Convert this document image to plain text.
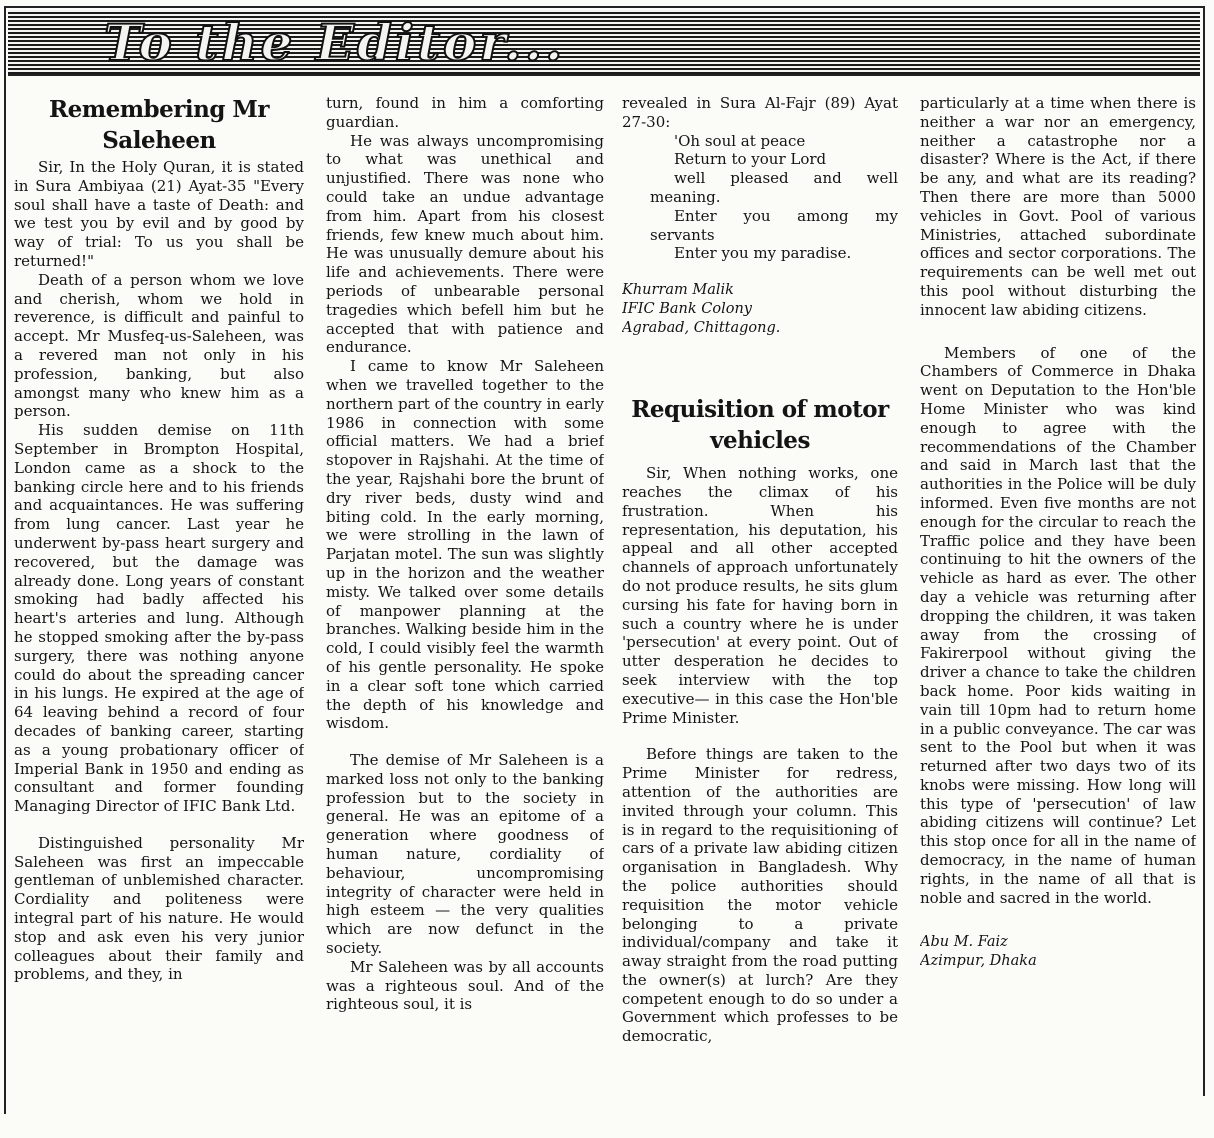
To the Editor...
Remembering Mr Saleheen

Sir, In the Holy Quran, it is stated in Sura Ambiyaa (21) Ayat-35 "Every soul shall have a taste of Death: and we test you by evil and by good by way of trial: To us you shall be returned!"

Death of a person whom we love and cherish, whom we hold in reverence, is difficult and painful to accept. Mr Musfeq-us-Saleheen, was a revered man not only in his profession, banking, but also amongst many who knew him as a person.

His sudden demise on 11th September in Brompton Hospital, London came as a shock to the banking circle here and to his friends and acquaintances. He was suffering from lung cancer. Last year he underwent by-pass heart surgery and recovered, but the damage was already done. Long years of constant smoking had badly affected his heart's arteries and lung. Although he stopped smoking after the by-pass surgery, there was nothing anyone could do about the spreading cancer in his lungs. He expired at the age of 64 leaving behind a record of four decades of banking career, starting as a young probationary officer of Imperial Bank in 1950 and ending as consultant and former founding Managing Director of IFIC Bank Ltd.

Distinguished personality Mr Saleheen was first an impeccable gentleman of unblemished character. Cordiality and politeness were integral part of his nature. He would stop and ask even his very junior colleagues about their family and problems, and they, in

turn, found in him a comforting guardian.

He was always uncompromising to what was unethical and unjustified. There was none who could take an undue advantage from him. Apart from his closest friends, few knew much about him. He was unusually demure about his life and achievements. There were periods of unbearable personal tragedies which befell him but he accepted that with patience and endurance.

I came to know Mr Saleheen when we travelled together to the northern part of the country in early 1986 in connection with some official matters. We had a brief stopover in Rajshahi. At the time of the year, Rajshahi bore the brunt of dry river beds, dusty wind and biting cold. In the early morning, we were strolling in the lawn of Parjatan motel. The sun was slightly up in the horizon and the weather misty. We talked over some details of manpower planning at the branches. Walking beside him in the cold, I could visibly feel the warmth of his gentle personality. He spoke in a clear soft tone which carried the depth of his knowledge and wisdom.

The demise of Mr Saleheen is a marked loss not only to the banking profession but to the society in general. He was an epitome of a generation where goodness of human nature, cordiality of behaviour, uncompromising integrity of character were held in high esteem — the very qualities which are now defunct in the society.

Mr Saleheen was by all accounts was a righteous soul. And of the righteous soul, it is

revealed in Sura Al-Fajr (89) Ayat 27-30:

'Oh soul at peace

Return to your Lord

well pleased and well meaning.

Enter you among my servants

Enter you my paradise.

Khurram Malik
IFIC Bank Colony
Agrabad, Chittagong.
Requisition of motor vehicles

Sir, When nothing works, one reaches the climax of his frustration. When his representation, his deputation, his appeal and all other accepted channels of approach unfortunately do not produce results, he sits glum cursing his fate for having born in such a country where he is under 'persecution' at every point. Out of utter desperation he decides to seek interview with the top executive— in this case the Hon'ble Prime Minister.

Before things are taken to the Prime Minister for redress, attention of the authorities are invited through your column. This is in regard to the requisitioning of cars of a private law abiding citizen organisation in Bangladesh. Why the police authorities should requisition the motor vehicle belonging to a private individual/company and take it away straight from the road putting the owner(s) at lurch? Are they competent enough to do so under a Government which professes to be democratic,

particularly at a time when there is neither a war nor an emergency, neither a catastrophe nor a disaster? Where is the Act, if there be any, and what are its reading? Then there are more than 5000 vehicles in Govt. Pool of various Ministries, attached subordinate offices and sector corporations. The requirements can be well met out this pool without disturbing the innocent law abiding citizens.

Members of one of the Chambers of Commerce in Dhaka went on Deputation to the Hon'ble Home Minister who was kind enough to agree with the recommendations of the Chamber and said in March last that the authorities in the Police will be duly informed. Even five months are not enough for the circular to reach the Traffic police and they have been continuing to hit the owners of the vehicle as hard as ever. The other day a vehicle was returning after dropping the children, it was taken away from the crossing of Fakirerpool without giving the driver a chance to take the children back home. Poor kids waiting in vain till 10pm had to return home in a public conveyance. The car was sent to the Pool but when it was returned after two days two of its knobs were missing. How long will this type of 'persecution' of law abiding citizens will continue? Let this stop once for all in the name of democracy, in the name of human rights, in the name of all that is noble and sacred in the world.

Abu M. Faiz
Azimpur, Dhaka
